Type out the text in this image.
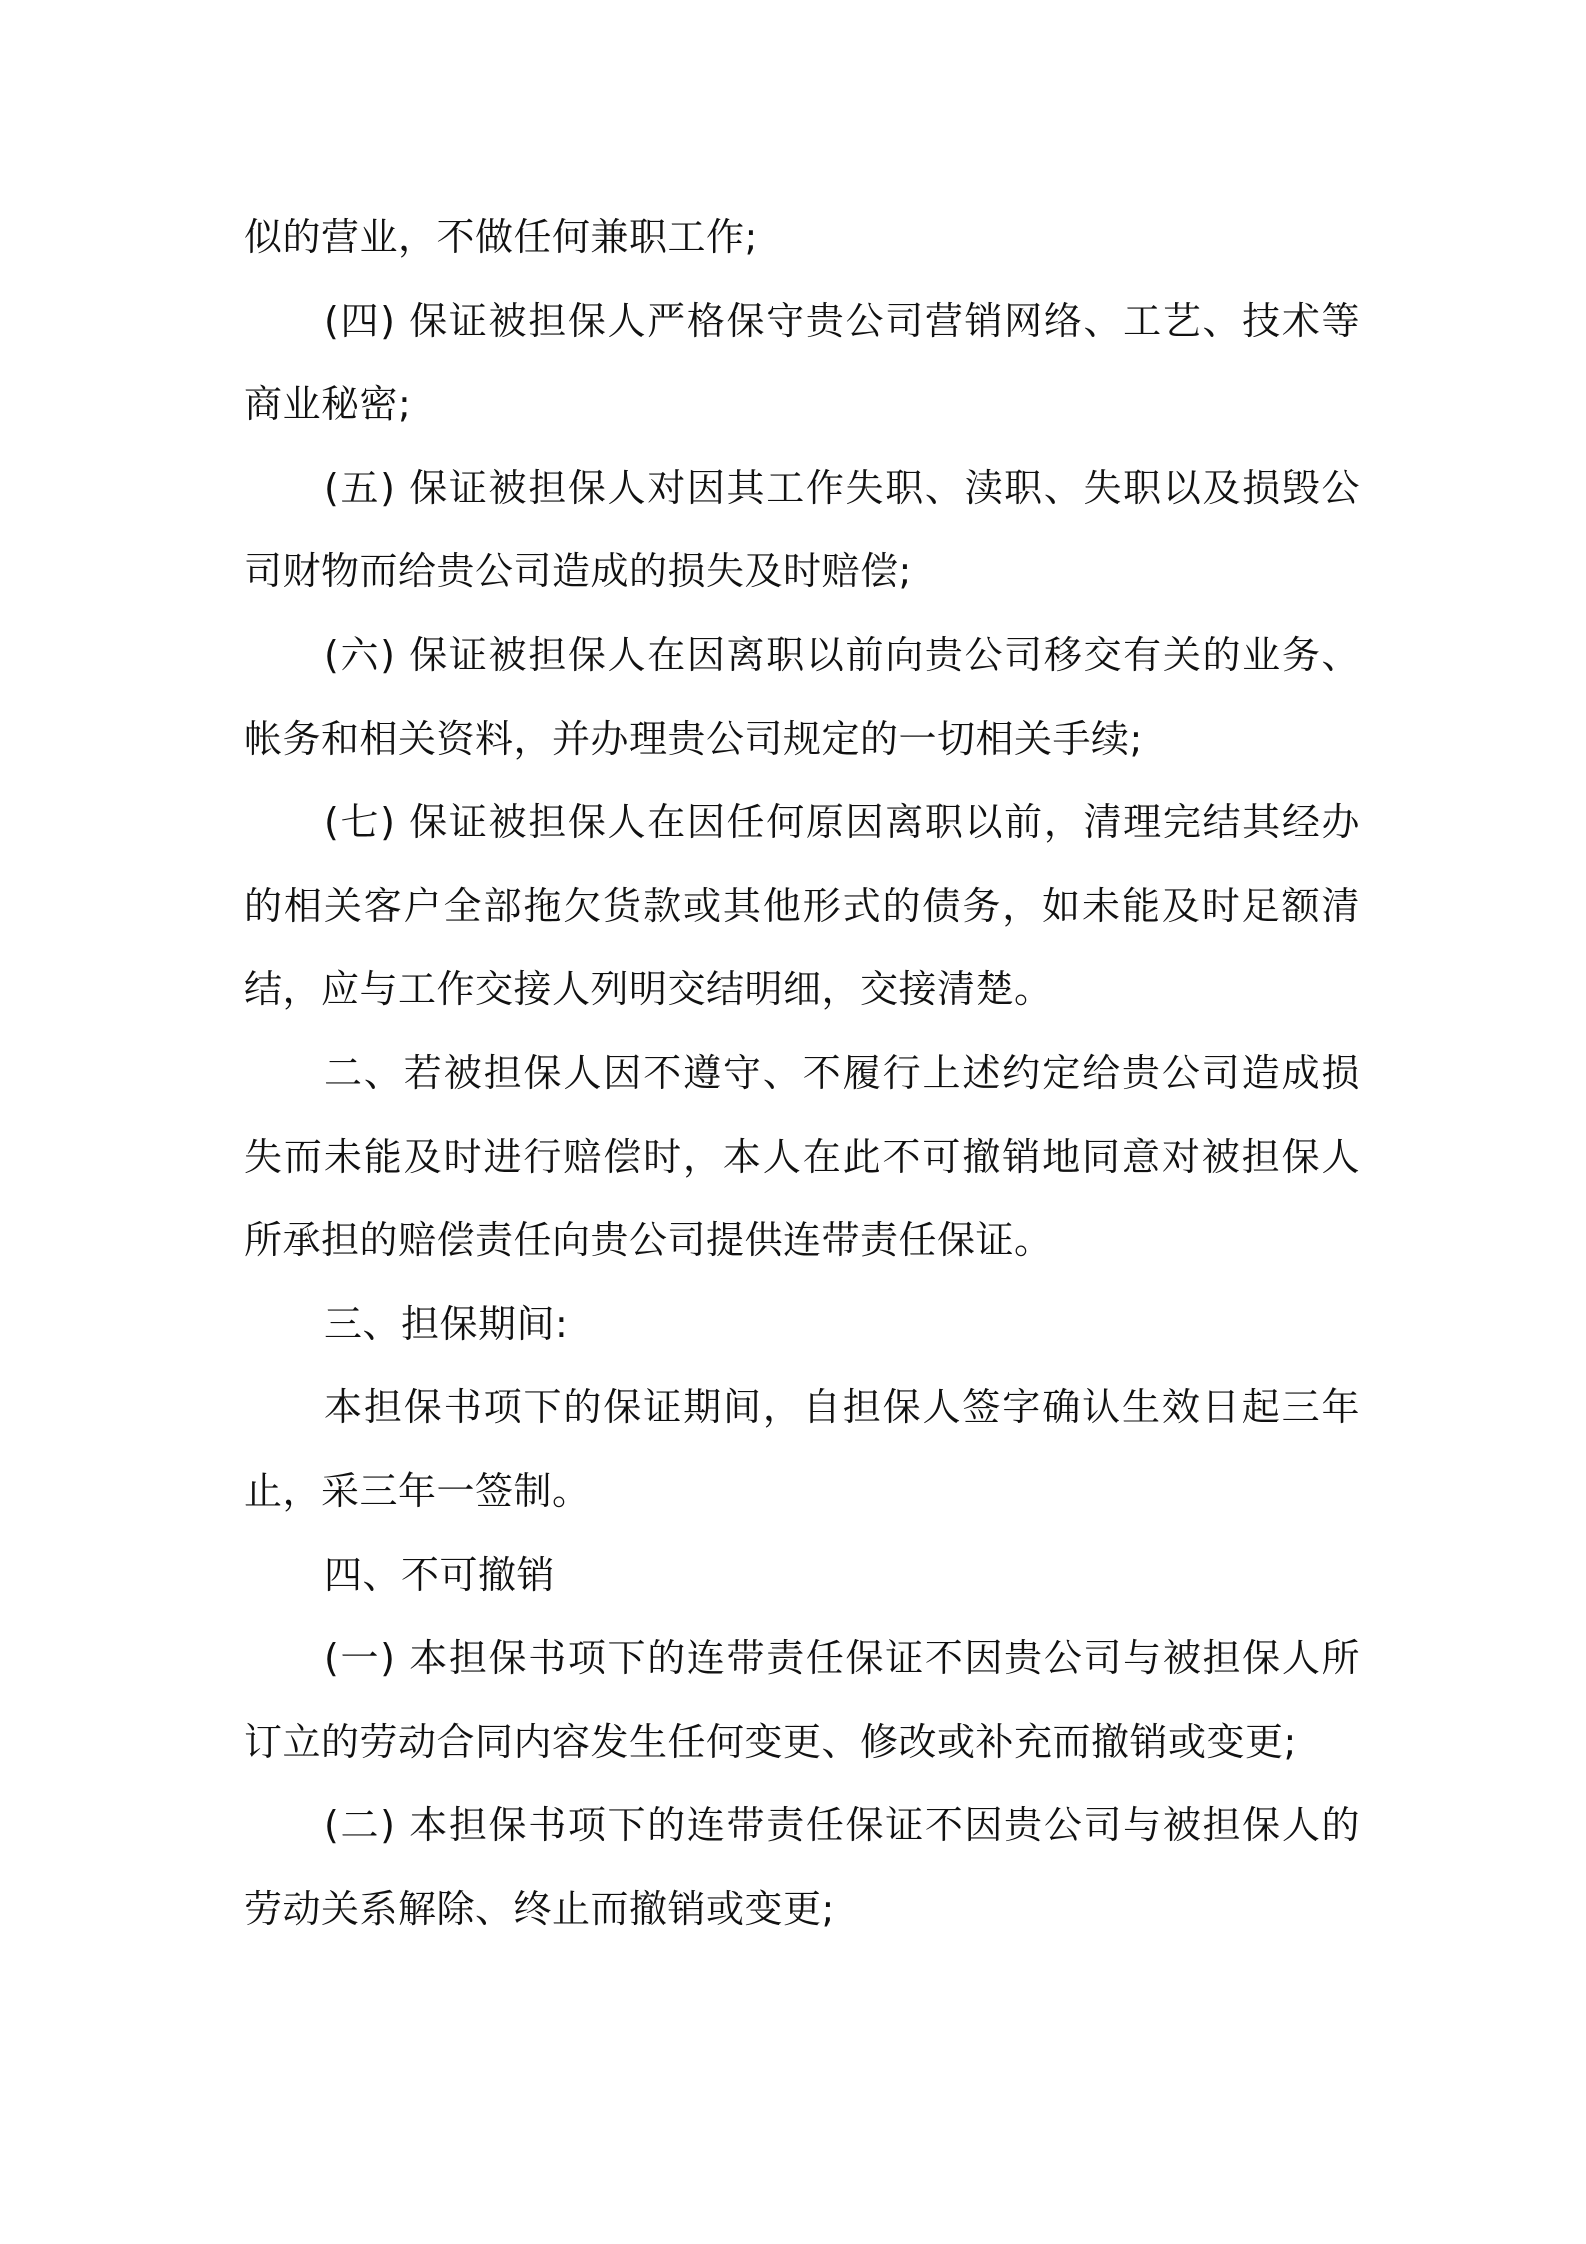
似的营业，不做任何兼职工作;

(四) 保证被担保人严格保守贵公司营销网络、工艺、技术等商业秘密;

(五) 保证被担保人对因其工作失职、渎职、失职以及损毁公司财物而给贵公司造成的损失及时赔偿;

(六) 保证被担保人在因离职以前向贵公司移交有关的业务、帐务和相关资料，并办理贵公司规定的一切相关手续;

(七) 保证被担保人在因任何原因离职以前，清理完结其经办的相关客户全部拖欠货款或其他形式的债务，如未能及时足额清结，应与工作交接人列明交结明细，交接清楚。

二、若被担保人因不遵守、不履行上述约定给贵公司造成损失而未能及时进行赔偿时，本人在此不可撤销地同意对被担保人所承担的赔偿责任向贵公司提供连带责任保证。

三、担保期间:

本担保书项下的保证期间，自担保人签字确认生效日起三年止，采三年一签制。

四、不可撤销

(一) 本担保书项下的连带责任保证不因贵公司与被担保人所订立的劳动合同内容发生任何变更、修改或补充而撤销或变更;

(二) 本担保书项下的连带责任保证不因贵公司与被担保人的劳动关系解除、终止而撤销或变更;
